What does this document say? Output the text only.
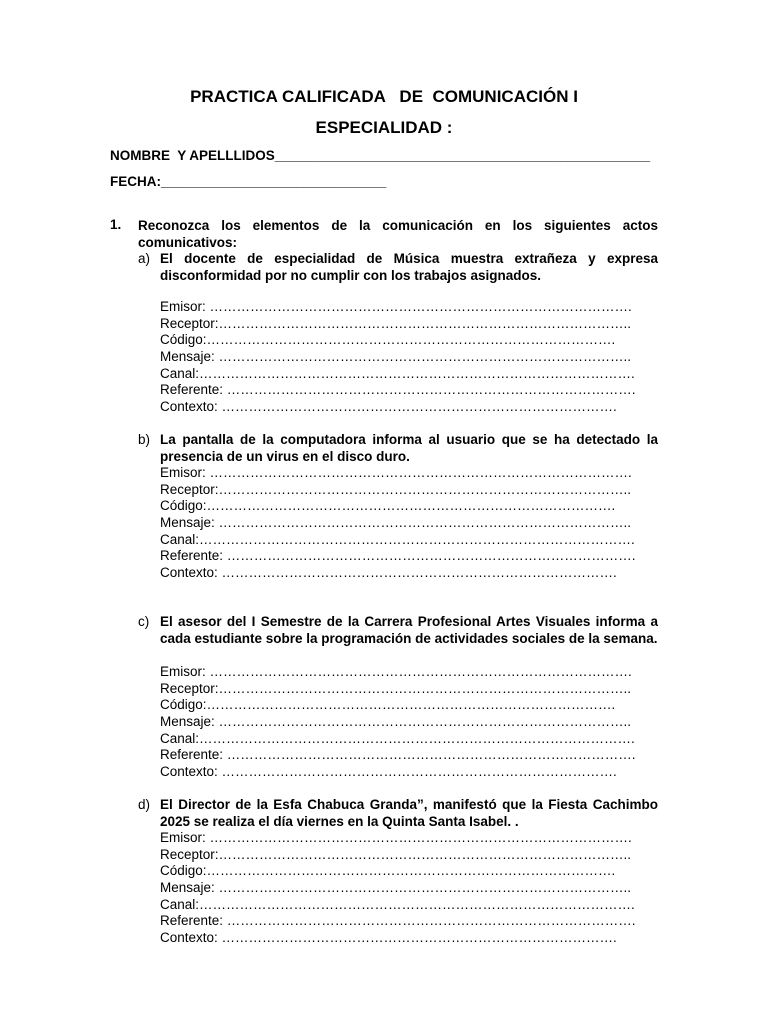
PRACTICA CALIFICADA   DE  COMUNICACIÓN I
ESPECIALIDAD :
NOMBRE  Y APELLLIDOS__________________________________________________
FECHA:______________________________
1. Reconozca los elementos de la comunicación en los siguientes actos comunicativos:
a) El docente de especialidad de Música muestra extrañeza y expresa disconformidad por no cumplir con los trabajos asignados.
Emisor: ………………………………………………………………………………….
Receptor:………………………………………………………………………………..
Código:……………………………………………………………………………….
Mensaje: ………………………………………………………………………………..
Canal:…………………………………………………………………………………….
Referente: ……………………………………………………………………………….
Contexto: …………………………………………………………………………….
b) La pantalla de la computadora informa al usuario que se ha detectado la presencia de un virus en el disco duro.
Emisor: ………………………………………………………………………………….
Receptor:………………………………………………………………………………..
Código:……………………………………………………………………………….
Mensaje: ………………………………………………………………………………..
Canal:…………………………………………………………………………………….
Referente: ……………………………………………………………………………….
Contexto: …………………………………………………………………………….
c) El asesor del I Semestre de la Carrera Profesional Artes Visuales informa a cada estudiante sobre la programación de actividades sociales de la semana.
Emisor: ………………………………………………………………………………….
Receptor:………………………………………………………………………………..
Código:……………………………………………………………………………….
Mensaje: ………………………………………………………………………………..
Canal:…………………………………………………………………………………….
Referente: ……………………………………………………………………………….
Contexto: …………………………………………………………………………….
d) El Director de la Esfa Chabuca Granda”, manifestó que la Fiesta Cachimbo 2025 se realiza el día viernes en la Quinta Santa Isabel. .
Emisor: ………………………………………………………………………………….
Receptor:………………………………………………………………………………..
Código:……………………………………………………………………………….
Mensaje: ………………………………………………………………………………..
Canal:…………………………………………………………………………………….
Referente: ……………………………………………………………………………….
Contexto: …………………………………………………………………………….
